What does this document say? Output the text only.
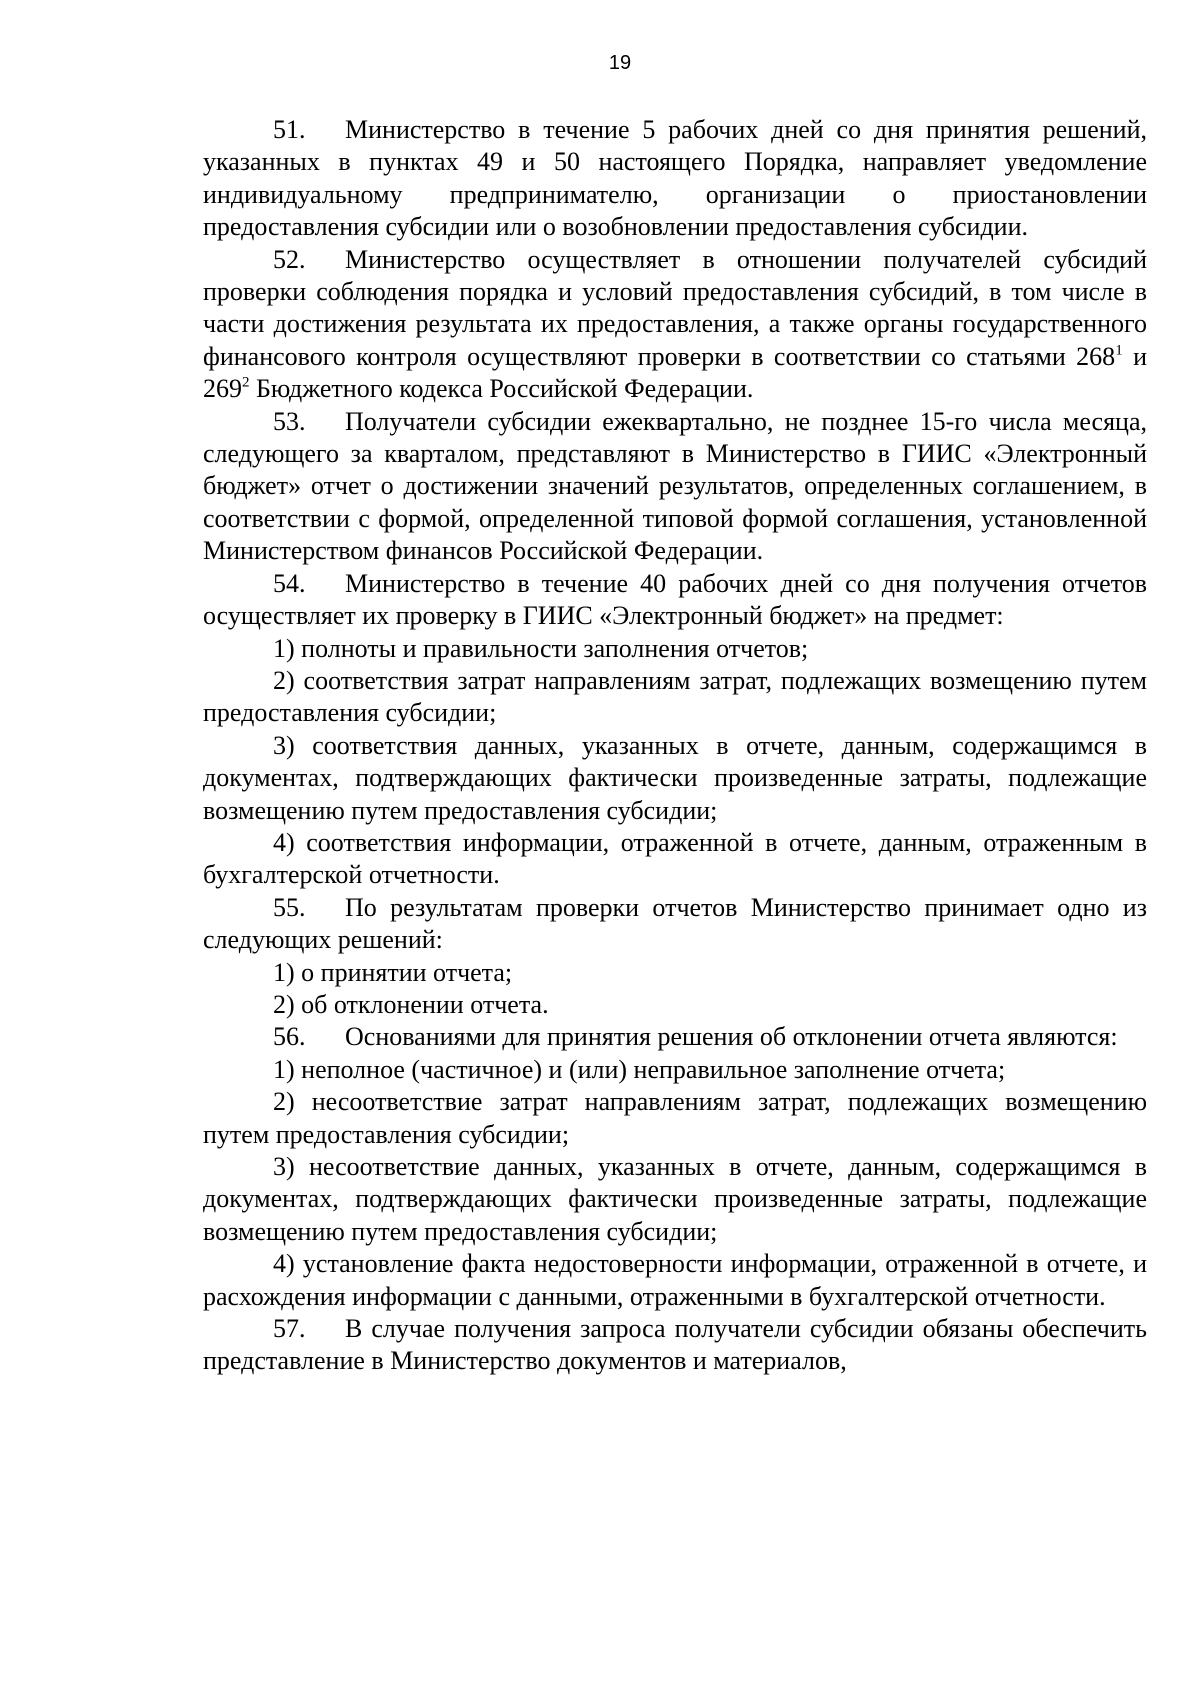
19

51. Министерство в течение 5 рабочих дней со дня принятия решений, указанных в пунктах 49 и 50 настоящего Порядка, направляет уведомление индивидуальному предпринимателю, организации о приостановлении предоставления субсидии или о возобновлении предоставления субсидии.

52. Министерство осуществляет в отношении получателей субсидий проверки соблюдения порядка и условий предоставления субсидий, в том числе в части достижения результата их предоставления, а также органы государственного финансового контроля осуществляют проверки в соответствии со статьями $268^1$ и $269^2$ Бюджетного кодекса Российской Федерации.

53. Получатели субсидии ежеквартально, не позднее 15-го числа месяца, следующего за кварталом, представляют в Министерство в ГИИС «Электронный бюджет» отчет о достижении значений результатов, определенных соглашением, в соответствии с формой, определенной типовой формой соглашения, установленной Министерством финансов Российской Федерации.

54. Министерство в течение 40 рабочих дней со дня получения отчетов осуществляет их проверку в ГИИС «Электронный бюджет» на предмет:

1) полноты и правильности заполнения отчетов;

2) соответствия затрат направлениям затрат, подлежащих возмещению путем предоставления субсидии;

3) соответствия данных, указанных в отчете, данным, содержащимся в документах, подтверждающих фактически произведенные затраты, подлежащие возмещению путем предоставления субсидии;

4) соответствия информации, отраженной в отчете, данным, отраженным в бухгалтерской отчетности.

55. По результатам проверки отчетов Министерство принимает одно из следующих решений:

1) о принятии отчета;

2) об отклонении отчета.

56. Основаниями для принятия решения об отклонении отчета являются:

1) неполное (частичное) и (или) неправильное заполнение отчета;

2) несоответствие затрат направлениям затрат, подлежащих возмещению путем предоставления субсидии;

3) несоответствие данных, указанных в отчете, данным, содержащимся в документах, подтверждающих фактически произведенные затраты, подлежащие возмещению путем предоставления субсидии;

4) установление факта недостоверности информации, отраженной в отчете, и расхождения информации с данными, отраженными в бухгалтерской отчетности.

57. В случае получения запроса получатели субсидии обязаны обеспечить представление в Министерство документов и материалов,
